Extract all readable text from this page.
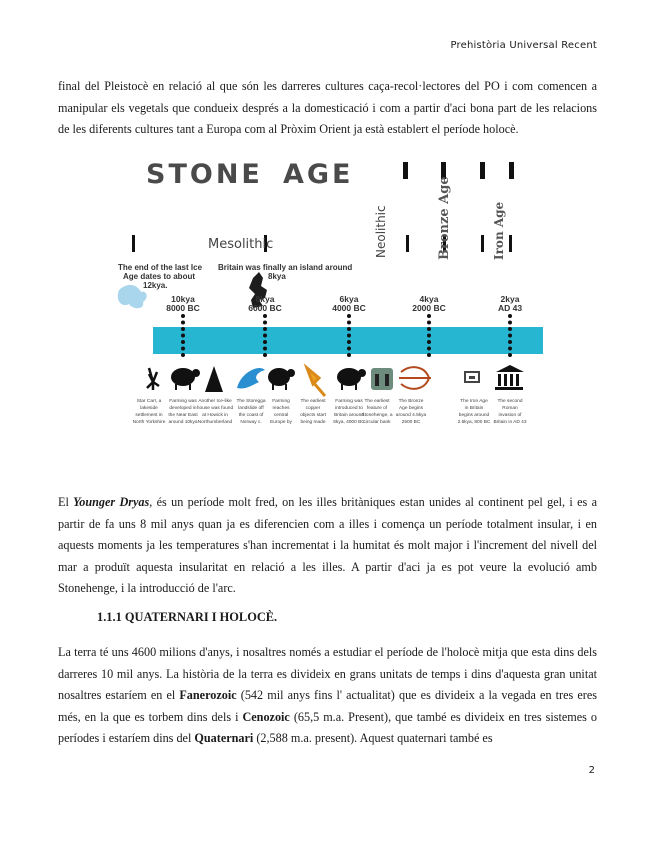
Prehistòria Universal Recent
final del Pleistocè en relació al que són les darreres cultures caça-recol·lectores del PO i com comencen a manipular els vegetals que condueix després a la domesticació i com a partir d'aci bona part de les relacions de les diferents cultures tant a Europa com al Pròxim Orient ja està establert el període holocè.
STONE AGE
Mesolithic	Neolithic	Bronze Age	Iron Age
The end of the last Ice
Age dates to about
12kya.
Britain was finally an island around
8kya
10kya
8000 BC
8kya
6000 BC
6kya
4000 BC
4kya
2000 BC
2kya
AD 43
Star Carr, a
lakeside
settlement in
North Yorkshire
Farming was
developed in
the Near East
around 10kya
Another Ice-like
house was found
at Howick in
Northumberland
The Storegga
landslide off
the coast of
Norway c.
Farming
reaches
central
Europe by
The earliest
copper
objects start
being made
Farming was
introduced to
Britain around
6kya, 4000 BC
The earliest
feature of
Stonehenge, a
circular bank
The Bronze
Age begins
around 4.5kya
2500 BC
The Iron Age
in Britain
begins around
2.5kya, 800 BC
The second
Roman
invasion of
Britain in AD 43
El Younger Dryas, és un període molt fred, on les illes britàniques estan unides al continent pel gel, i es a partir de fa uns 8 mil anys quan ja es diferencien com a illes i comença un període totalment insular, i en aquests moments ja les temperatures s'han incrementat i la humitat és molt major i l'increment del nivell del mar a produït aquesta insularitat en relació a les illes. A partir d'aci ja es pot veure la evolució amb Stonehenge, i la introducció de l'arc.
1.1.1 QUATERNARI I HOLOCÈ.
La terra té uns 4600 milions d'anys, i nosaltres només a estudiar el període de l'holocè mitja que esta dins dels darreres 10 mil anys. La història de la terra es divideix en grans unitats de temps i dins d'aquesta gran unitat nosaltres estaríem en el Fanerozoic (542 mil anys fins l' actualitat) que es divideix a la vegada en tres eres més, en la que es torbem dins dels i Cenozoic (65,5 m.a. Present), que també es divideix en tres sistemes o períodes i estaríem dins del Quaternari (2,588 m.a. present). Aquest quaternari també es
2
